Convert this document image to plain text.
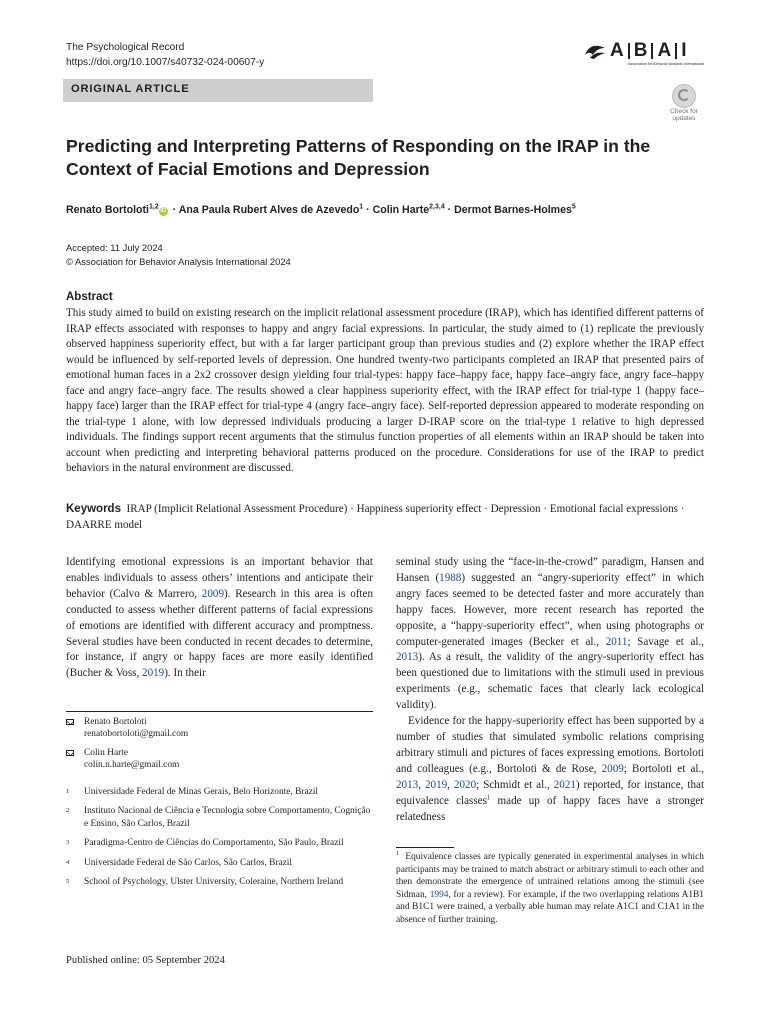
The Psychological Record
https://doi.org/10.1007/s40732-024-00607-y
A B A I
Association for Behavior Analysis International
ORIGINAL ARTICLE
Check for updates
Predicting and Interpreting Patterns of Responding on the IRAP in the Context of Facial Emotions and Depression
Renato Bortoloti$^{1,2}$iD · Ana Paula Rubert Alves de Azevedo$^1$ · Colin Harte$^{2,3,4}$ · Dermot Barnes-Holmes$^5$
Accepted: 11 July 2024
© Association for Behavior Analysis International 2024
Abstract
This study aimed to build on existing research on the implicit relational assessment procedure (IRAP), which has identified different patterns of IRAP effects associated with responses to happy and angry facial expressions. In particular, the study aimed to (1) replicate the previously observed happiness superiority effect, but with a far larger participant group than previous studies and (2) explore whether the IRAP effect would be influenced by self-reported levels of depression. One hundred twenty-two participants completed an IRAP that presented pairs of emotional human faces in a 2x2 crossover design yielding four trial-types: happy face–happy face, happy face–angry face, angry face–happy face and angry face–angry face. The results showed a clear happiness superiority effect, with the IRAP effect for trial-type 1 (happy face–happy face) larger than the IRAP effect for trial-type 4 (angry face–angry face). Self-reported depression appeared to moderate responding on the trial-type 1 alone, with low depressed individuals producing a larger D-IRAP score on the trial-type 1 relative to high depressed individuals. The findings support recent arguments that the stimulus function properties of all elements within an IRAP should be taken into account when predicting and interpreting behavioral patterns produced on the procedure. Considerations for use of the IRAP to predict behaviors in the natural environment are discussed.
Keywords IRAP (Implicit Relational Assessment Procedure) · Happiness superiority effect · Depression · Emotional facial expressions · DAARRE model
Identifying emotional expressions is an important behavior that enables individuals to assess others’ intentions and anticipate their behavior (Calvo & Marrero, 2009). Research in this area is often conducted to assess whether different patterns of facial expressions of emotions are identified with different accuracy and promptness. Several studies have been conducted in recent decades to determine, for instance, if angry or happy faces are more easily identified (Bucher & Voss, 2019). In their
Renato Bortoloti
renatobortoloti@gmail.com
Colin Harte
colin.n.harte@gmail.com
1	Universidade Federal de Minas Gerais, Belo Horizonte, Brazil
2	Instituto Nacional de Ciência e Tecnologia sobre Comportamento, Cognição e Ensino, São Carlos, Brazil
3	Paradigma-Centro de Ciências do Comportamento, São Paulo, Brazil
4	Universidade Federal de São Carlos, São Carlos, Brazil
5	School of Psychology, Ulster University, Coleraine, Northern Ireland

seminal study using the “face-in-the-crowd” paradigm, Hansen and Hansen (1988) suggested an “angry-superiority effect” in which angry faces seemed to be detected faster and more accurately than happy faces. However, more recent research has reported the opposite, a “happy-superiority effect”, when using photographs or computer-generated images (Becker et al., 2011; Savage et al., 2013). As a result, the validity of the angry-superiority effect has been questioned due to limitations with the stimuli used in previous experiments (e.g., schematic faces that clearly lack ecological validity).

Evidence for the happy-superiority effect has been supported by a number of studies that simulated symbolic relations comprising arbitrary stimuli and pictures of faces expressing emotions. Bortoloti and colleagues (e.g., Bortoloti & de Rose, 2009; Bortoloti et al., 2013, 2019, 2020; Schmidt et al., 2021) reported, for instance, that equivalence classes$^1$ made up of happy faces have a stronger relatedness

$^1$ Equivalence classes are typically generated in experimental analyses in which participants may be trained to match abstract or arbitrary stimuli to each other and then demonstrate the emergence of untrained relations among the stimuli (see Sidman, 1994, for a review). For example, if the two overlapping relations A1B1 and B1C1 were trained, a verbally able human may relate A1C1 and C1A1 in the absence of further training.
Published online: 05 September 2024
